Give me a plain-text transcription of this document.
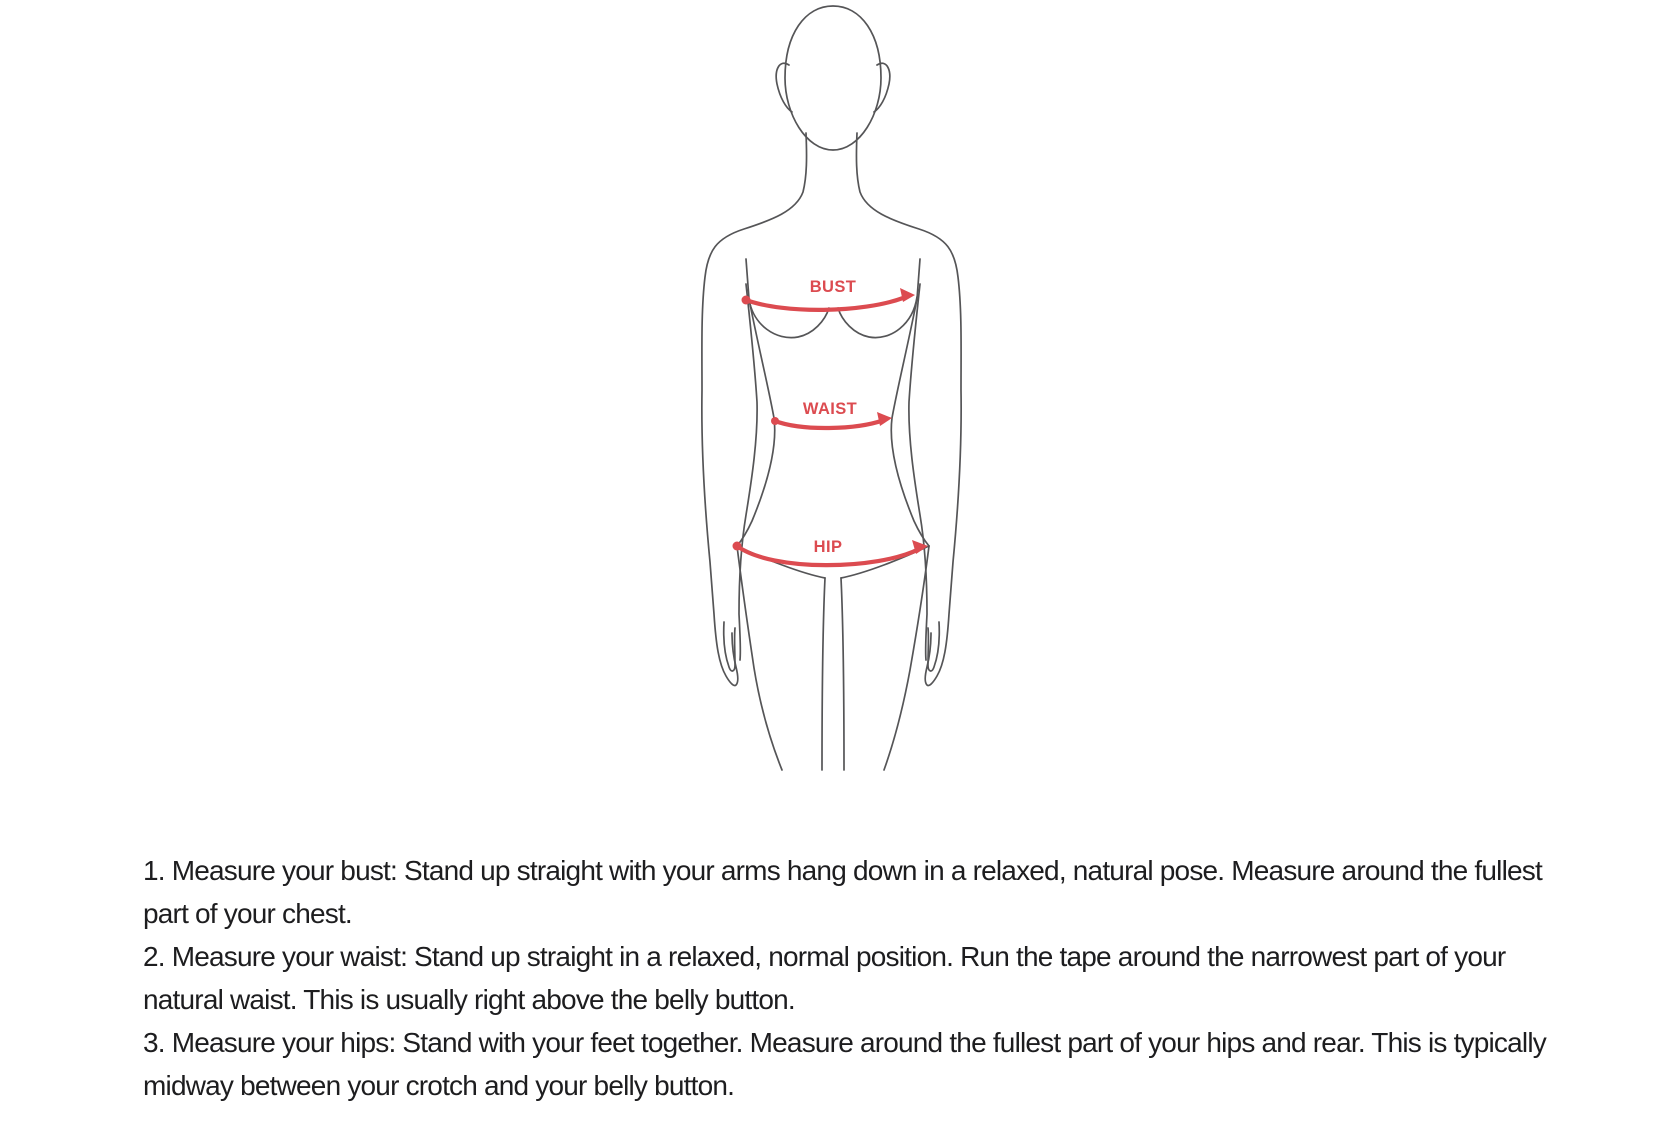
BUST
WAIST
HIP
1. Measure your bust: Stand up straight with your arms hang down in a relaxed, natural pose. Measure around the fullest
part of your chest.
2. Measure your waist: Stand up straight in a relaxed, normal position. Run the tape around the narrowest part of your
natural waist. This is usually right above the belly button.
3. Measure your hips: Stand with your feet together. Measure around the fullest part of your hips and rear. This is typically
midway between your crotch and your belly button.
